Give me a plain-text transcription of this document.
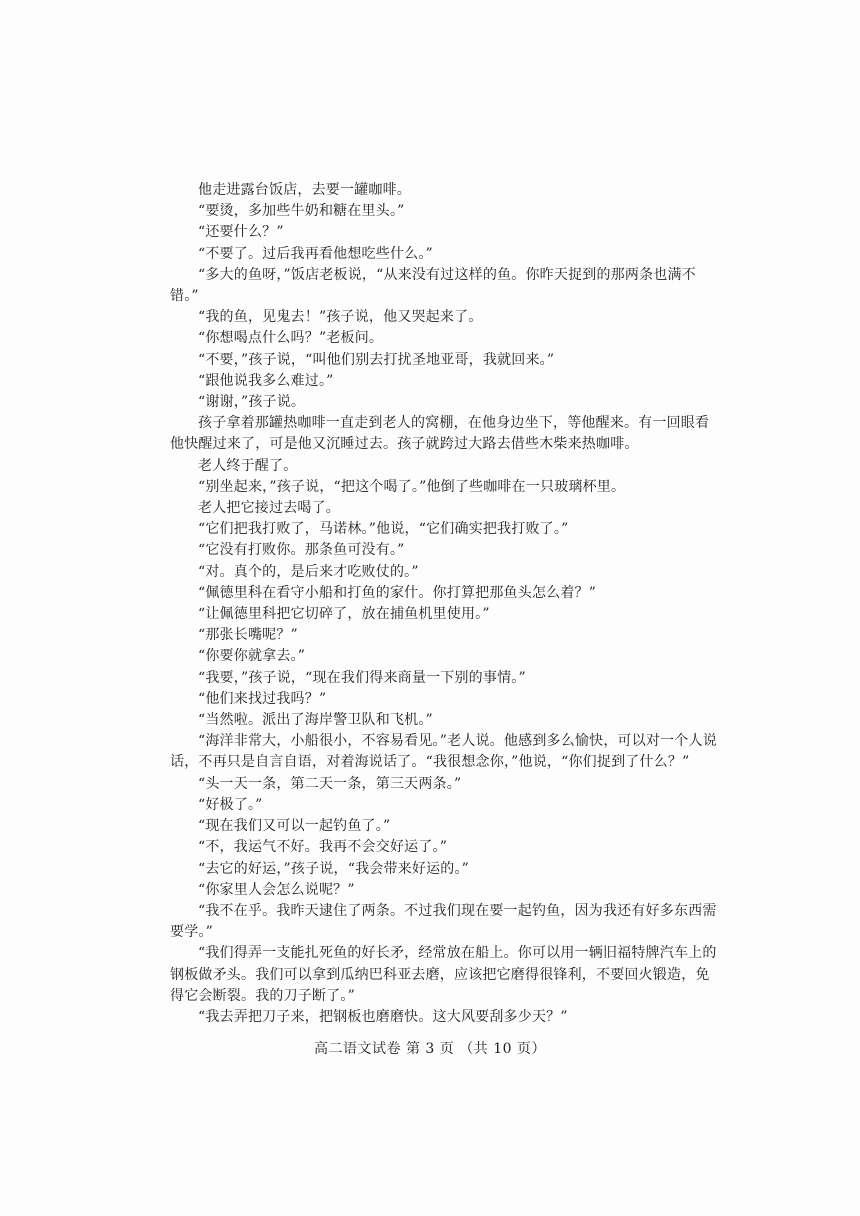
他走进露台饭店，去要一罐咖啡。

“要烫，多加些牛奶和糖在里头。”

“还要什么？”

“不要了。过后我再看他想吃些什么。”

“多大的鱼呀，”饭店老板说，“从来没有过这样的鱼。你昨天捉到的那两条也满不错。”

“我的鱼，见鬼去！”孩子说，他又哭起来了。

“你想喝点什么吗？”老板问。

“不要，”孩子说，“叫他们别去打扰圣地亚哥，我就回来。”

“跟他说我多么难过。”

“谢谢，”孩子说。

孩子拿着那罐热咖啡一直走到老人的窝棚，在他身边坐下，等他醒来。有一回眼看他快醒过来了，可是他又沉睡过去。孩子就跨过大路去借些木柴来热咖啡。

老人终于醒了。

“别坐起来，”孩子说，“把这个喝了。”他倒了些咖啡在一只玻璃杯里。

老人把它接过去喝了。

“它们把我打败了，马诺林。”他说，“它们确实把我打败了。”

“它没有打败你。那条鱼可没有。”

“对。真个的，是后来才吃败仗的。”

“佩德里科在看守小船和打鱼的家什。你打算把那鱼头怎么着？”

“让佩德里科把它切碎了，放在捕鱼机里使用。”

“那张长嘴呢？”

“你要你就拿去。”

“我要，”孩子说，“现在我们得来商量一下别的事情。”

“他们来找过我吗？”

“当然啦。派出了海岸警卫队和飞机。”

“海洋非常大，小船很小，不容易看见。”老人说。他感到多么愉快，可以对一个人说话，不再只是自言自语，对着海说话了。“我很想念你，”他说，“你们捉到了什么？”

“头一天一条，第二天一条，第三天两条。”

“好极了。”

“现在我们又可以一起钓鱼了。”

“不，我运气不好。我再不会交好运了。”

“去它的好运，”孩子说，“我会带来好运的。”

“你家里人会怎么说呢？”

“我不在乎。我昨天逮住了两条。不过我们现在要一起钓鱼，因为我还有好多东西需要学。”

“我们得弄一支能扎死鱼的好长矛，经常放在船上。你可以用一辆旧福特牌汽车上的钢板做矛头。我们可以拿到瓜纳巴科亚去磨，应该把它磨得很锋利，不要回火锻造，免得它会断裂。我的刀子断了。”

“我去弄把刀子来，把钢板也磨磨快。这大风要刮多少天？”

高二语文试卷 第 3 页 （共 10 页）
